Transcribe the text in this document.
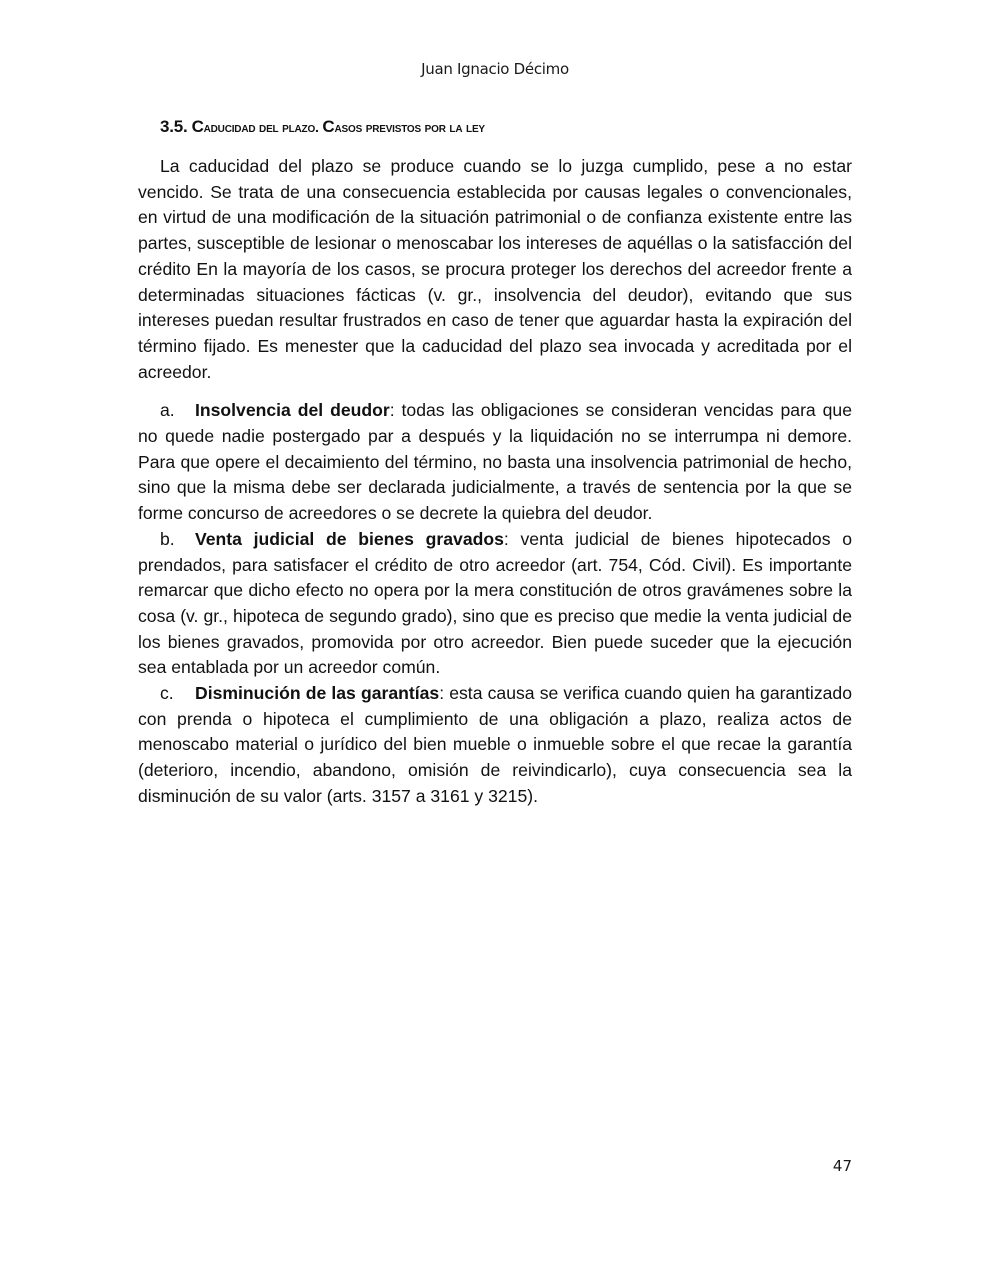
Juan Ignacio Décimo
3.5. Caducidad del plazo. Casos previstos por la ley

La caducidad del plazo se produce cuando se lo juzga cumplido, pese a no estar vencido. Se trata de una consecuencia establecida por causas legales o convencionales, en virtud de una modificación de la situación patrimonial o de confianza existente entre las partes, susceptible de lesionar o menoscabar los intereses de aquéllas o la satisfacción del crédito En la mayoría de los casos, se procura proteger los derechos del acreedor frente a determinadas situaciones fácticas (v. gr., insolvencia del deudor), evitando que sus intereses puedan resultar frustrados en caso de tener que aguardar hasta la expiración del término fijado. Es menester que la caducidad del plazo sea invocada y acreditada por el acreedor.

a. Insolvencia del deudor: todas las obligaciones se consideran vencidas para que no quede nadie postergado par a después y la liquidación no se interrumpa ni demore. Para que opere el decaimiento del término, no basta una insolvencia patrimonial de hecho, sino que la misma debe ser declarada judicialmente, a través de sentencia por la que se forme concurso de acreedores o se decrete la quiebra del deudor.

b. Venta judicial de bienes gravados: venta judicial de bienes hipotecados o prendados, para satisfacer el crédito de otro acreedor (art. 754, Cód. Civil). Es importante remarcar que dicho efecto no opera por la mera constitución de otros gravámenes sobre la cosa (v. gr., hipoteca de segundo grado), sino que es preciso que medie la venta judicial de los bienes gravados, promovida por otro acreedor. Bien puede suceder que la ejecución sea entablada por un acreedor común.

c. Disminución de las garantías: esta causa se verifica cuando quien ha garantizado con prenda o hipoteca el cumplimiento de una obligación a plazo, realiza actos de menoscabo material o jurídico del bien mueble o inmueble sobre el que recae la garantía (deterioro, incendio, abandono, omisión de reivindicarlo), cuya consecuencia sea la disminución de su valor (arts. 3157 a 3161 y 3215).

47
